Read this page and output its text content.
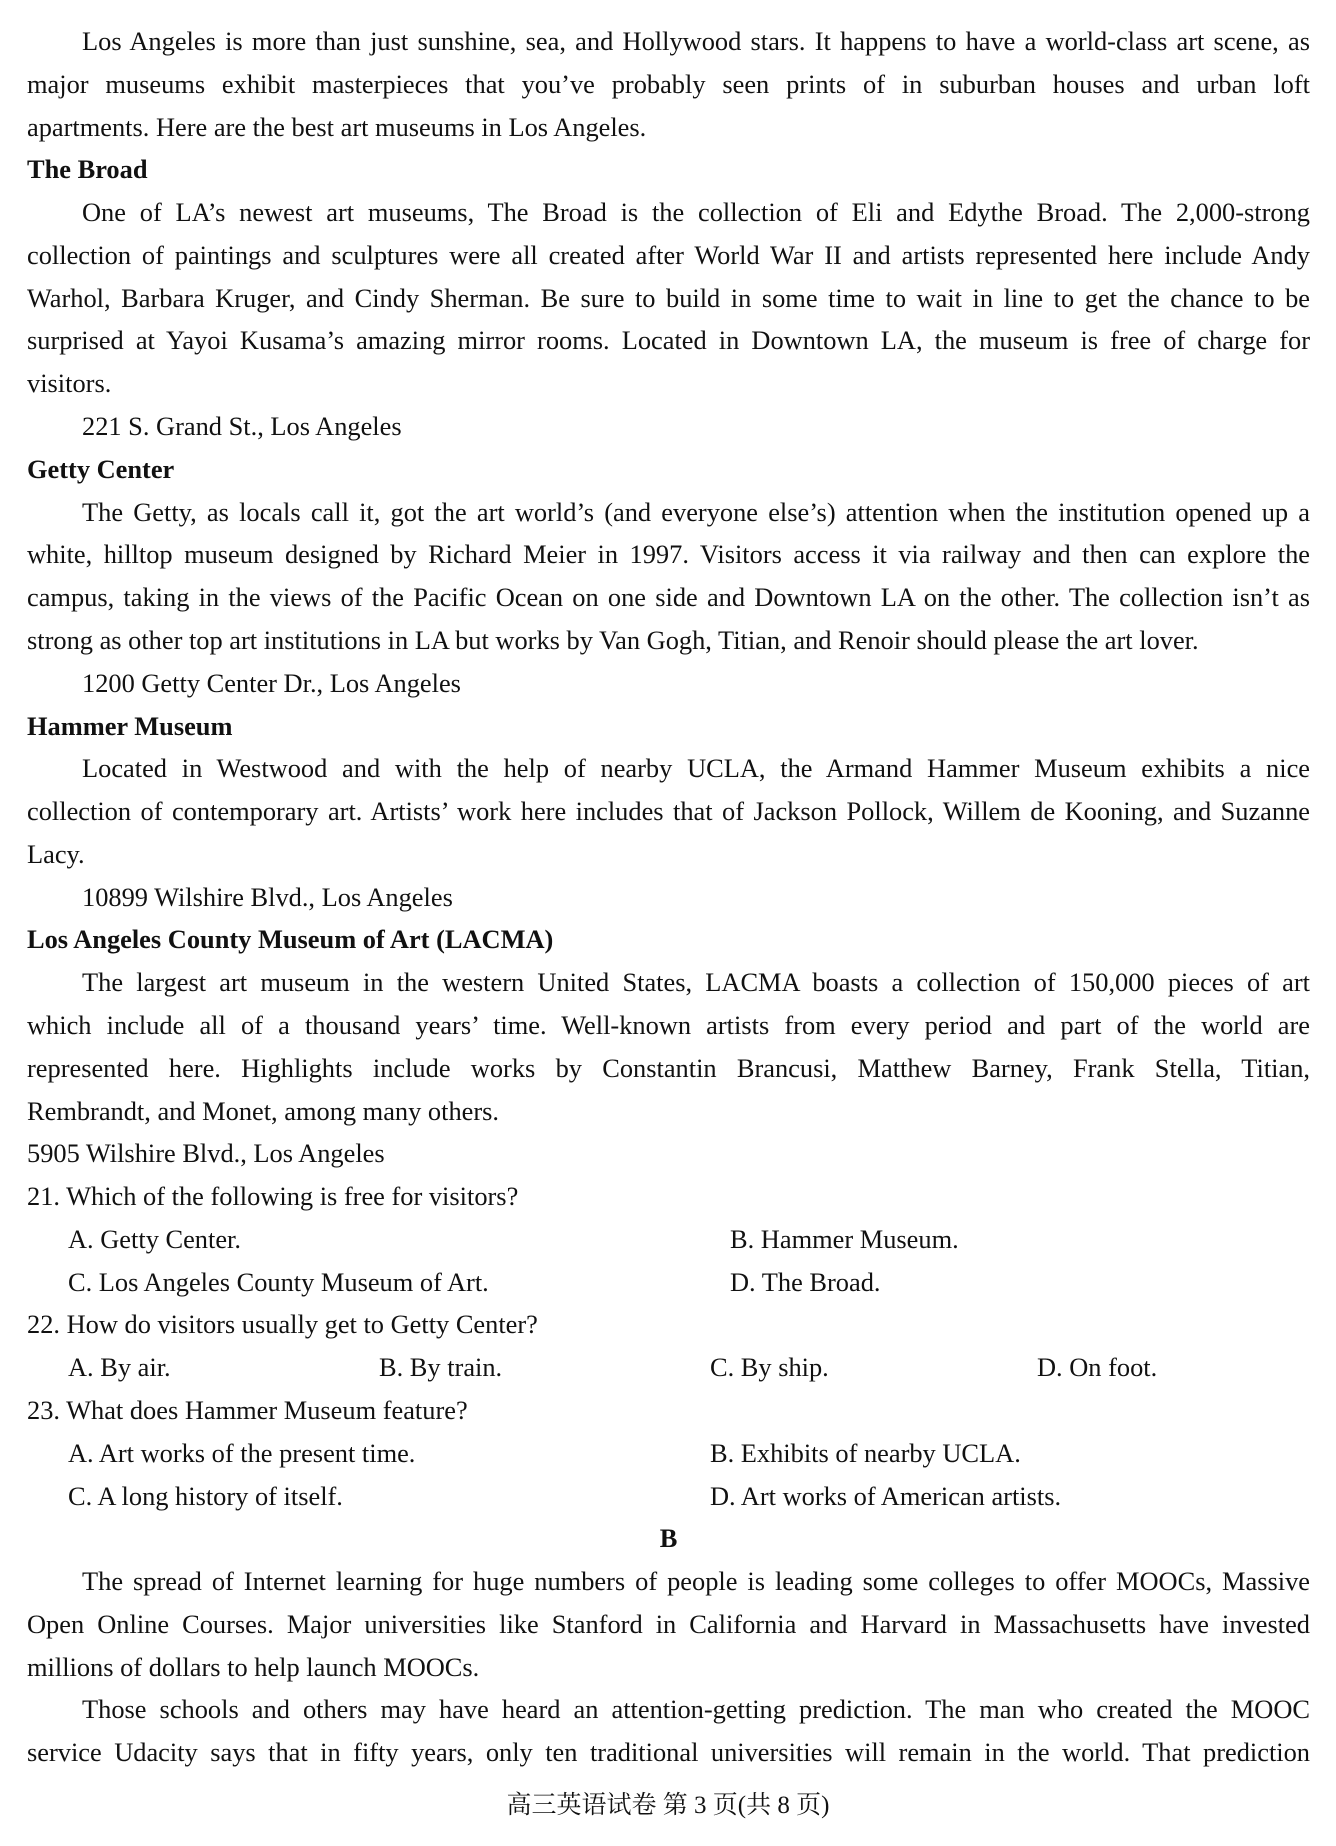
Los Angeles is more than just sunshine, sea, and Hollywood stars. It happens to have a world-class art scene, as
major museums exhibit masterpieces that you’ve probably seen prints of in suburban houses and urban loft
apartments. Here are the best art museums in Los Angeles.
The Broad
One of LA’s newest art museums, The Broad is the collection of Eli and Edythe Broad. The 2,000-strong
collection of paintings and sculptures were all created after World War II and artists represented here include Andy
Warhol, Barbara Kruger, and Cindy Sherman. Be sure to build in some time to wait in line to get the chance to be
surprised at Yayoi Kusama’s amazing mirror rooms. Located in Downtown LA, the museum is free of charge for
visitors.
221 S. Grand St., Los Angeles
Getty Center
The Getty, as locals call it, got the art world’s (and everyone else’s) attention when the institution opened up a
white, hilltop museum designed by Richard Meier in 1997. Visitors access it via railway and then can explore the
campus, taking in the views of the Pacific Ocean on one side and Downtown LA on the other. The collection isn’t as
strong as other top art institutions in LA but works by Van Gogh, Titian, and Renoir should please the art lover.
1200 Getty Center Dr., Los Angeles
Hammer Museum
Located in Westwood and with the help of nearby UCLA, the Armand Hammer Museum exhibits a nice
collection of contemporary art. Artists’ work here includes that of Jackson Pollock, Willem de Kooning, and Suzanne
Lacy.
10899 Wilshire Blvd., Los Angeles
Los Angeles County Museum of Art (LACMA)
The largest art museum in the western United States, LACMA boasts a collection of 150,000 pieces of art
which include all of a thousand years’ time. Well-known artists from every period and part of the world are
represented here. Highlights include works by Constantin Brancusi, Matthew Barney, Frank Stella, Titian,
Rembrandt, and Monet, among many others.
5905 Wilshire Blvd., Los Angeles
21. Which of the following is free for visitors?
A. Getty Center.	B. Hammer Museum.
C. Los Angeles County Museum of Art.	D. The Broad.
22. How do visitors usually get to Getty Center?
A. By air.	B. By train.	C. By ship.	D. On foot.
23. What does Hammer Museum feature?
A. Art works of the present time.	B. Exhibits of nearby UCLA.
C. A long history of itself.	D. Art works of American artists.
B
The spread of Internet learning for huge numbers of people is leading some colleges to offer MOOCs, Massive
Open Online Courses. Major universities like Stanford in California and Harvard in Massachusetts have invested
millions of dollars to help launch MOOCs.
Those schools and others may have heard an attention-getting prediction. The man who created the MOOC
service Udacity says that in fifty years, only ten traditional universities will remain in the world. That prediction
高三英语试卷 第 3 页(共 8 页)
